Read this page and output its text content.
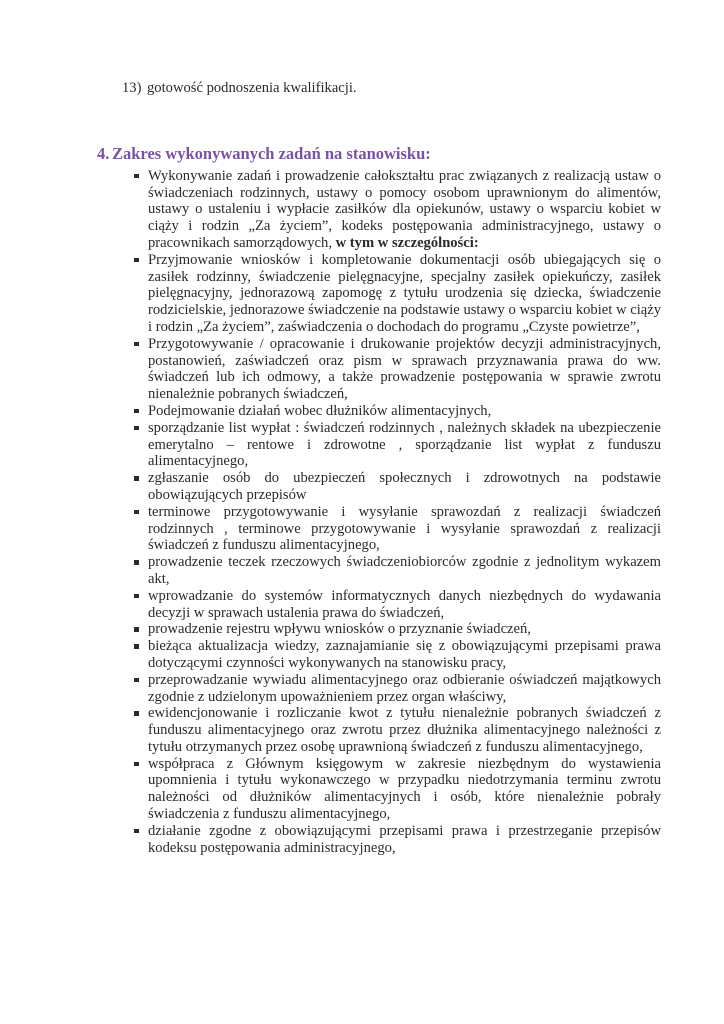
13) gotowość podnoszenia kwalifikacji.
4. Zakres wykonywanych zadań na stanowisku:
Wykonywanie zadań i prowadzenie całokształtu prac związanych z realizacją ustaw o świadczeniach rodzinnych, ustawy o pomocy osobom uprawnionym do alimentów, ustawy o ustaleniu i wypłacie zasiłków dla opiekunów, ustawy o wsparciu kobiet w ciąży i rodzin „Za życiem”, kodeks postępowania administracyjnego, ustawy o pracownikach samorządowych, w tym w szczególności:
Przyjmowanie wniosków i kompletowanie dokumentacji osób ubiegających się o zasiłek rodzinny, świadczenie pielęgnacyjne, specjalny zasiłek opiekuńczy, zasiłek pielęgnacyjny, jednorazową zapomogę z tytułu urodzenia się dziecka, świadczenie rodzicielskie, jednorazowe świadczenie na podstawie ustawy o wsparciu kobiet w ciąży i rodzin „Za życiem”, zaświadczenia o dochodach do programu „Czyste powietrze”,
Przygotowywanie / opracowanie i drukowanie projektów decyzji administracyjnych, postanowień, zaświadczeń oraz pism w sprawach przyznawania prawa do ww. świadczeń lub ich odmowy, a także prowadzenie postępowania w sprawie zwrotu nienależnie pobranych świadczeń,
Podejmowanie działań wobec dłużników alimentacyjnych,
sporządzanie list wypłat : świadczeń rodzinnych , należnych składek na ubezpieczenie emerytalno – rentowe i zdrowotne , sporządzanie list wypłat z funduszu alimentacyjnego,
zgłaszanie osób do ubezpieczeń społecznych i zdrowotnych na podstawie obowiązujących przepisów
terminowe przygotowywanie i wysyłanie sprawozdań z realizacji świadczeń rodzinnych , terminowe przygotowywanie i wysyłanie sprawozdań z realizacji świadczeń z funduszu alimentacyjnego,
prowadzenie teczek rzeczowych świadczeniobiorców zgodnie z jednolitym wykazem akt,
wprowadzanie do systemów informatycznych danych niezbędnych do wydawania decyzji w sprawach ustalenia prawa do świadczeń,
prowadzenie rejestru wpływu wniosków o przyznanie świadczeń,
bieżąca aktualizacja wiedzy, zaznajamianie się z obowiązującymi przepisami prawa dotyczącymi czynności wykonywanych na stanowisku pracy,
przeprowadzanie wywiadu alimentacyjnego oraz odbieranie oświadczeń majątkowych zgodnie z udzielonym upoważnieniem przez organ właściwy,
ewidencjonowanie i rozliczanie kwot z tytułu nienależnie pobranych świadczeń z funduszu alimentacyjnego oraz zwrotu przez dłużnika alimentacyjnego należności z tytułu otrzymanych przez osobę uprawnioną świadczeń z funduszu alimentacyjnego,
współpraca z Głównym księgowym w zakresie niezbędnym do wystawienia upomnienia i tytułu wykonawczego w przypadku niedotrzymania terminu zwrotu należności od dłużników alimentacyjnych i osób, które nienależnie pobrały świadczenia z funduszu alimentacyjnego,
działanie zgodne z obowiązującymi przepisami prawa i przestrzeganie przepisów kodeksu postępowania administracyjnego,
